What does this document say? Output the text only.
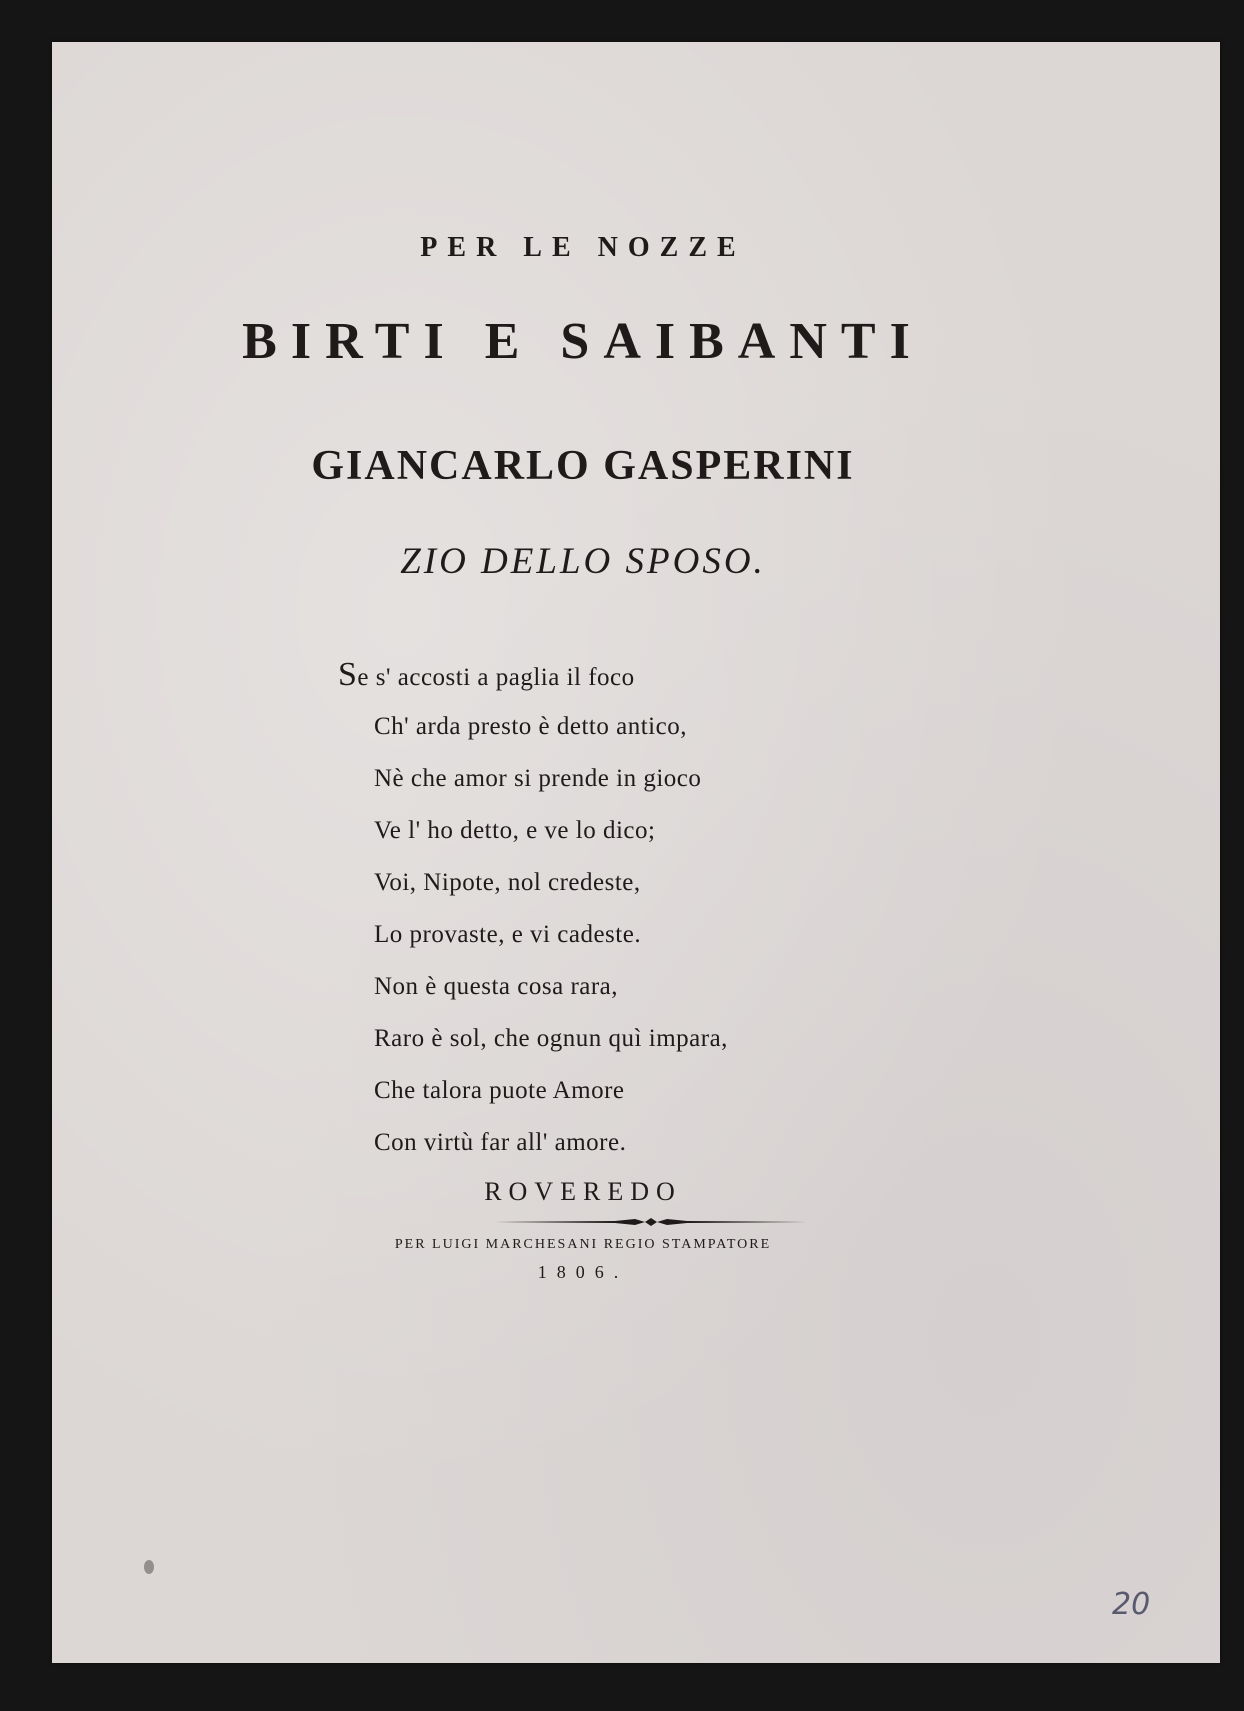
PER LE NOZZE
BIRTI E SAIBANTI
GIANCARLO GASPERINI
ZIO DELLO SPOSO.
Se s' accosti a paglia il foco
Ch' arda presto è detto antico,
Nè che amor si prende in gioco
Ve l' ho detto, e ve lo dico;
Voi, Nipote, nol credeste,
Lo provaste, e vi cadeste.
Non è questa cosa rara,
Raro è sol, che ognun quì impara,
Che talora puote Amore
Con virtù far all' amore.
ROVEREDO
PER LUIGI MARCHESANI REGIO STAMPATORE
1806.
20
